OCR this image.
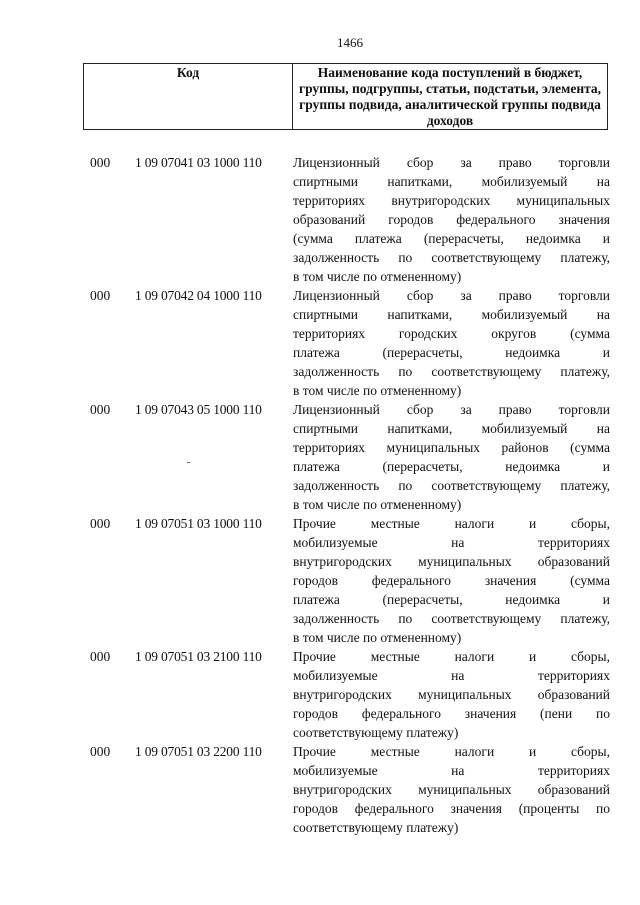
1466
Код	Наименование кода поступлений в бюджет, группы, подгруппы, статьи, подстатьи, элемента, группы подвида, аналитической группы подвида доходов
000	1 09 07041 03 1000 110	Лицензионный сбор за право торговли
спиртными напитками, мобилизуемый на
территориях внутригородских муниципальных
образований городов федерального значения
(сумма платежа (перерасчеты, недоимка и
задолженность по соответствующему платежу,
в том числе по отмененному)
000	1 09 07042 04 1000 110	Лицензионный сбор за право торговли
спиртными напитками, мобилизуемый на
территориях городских округов (сумма
платежа (перерасчеты, недоимка и
задолженность по соответствующему платежу,
в том числе по отмененному)
000	1 09 07043 05 1000 110	Лицензионный сбор за право торговли
спиртными напитками, мобилизуемый на
территориях муниципальных районов (сумма
платежа (перерасчеты, недоимка и
задолженность по соответствующему платежу,
в том числе по отмененному)
000	1 09 07051 03 1000 110	Прочие местные налоги и сборы,
мобилизуемые на территориях
внутригородских муниципальных образований
городов федерального значения (сумма
платежа (перерасчеты, недоимка и
задолженность по соответствующему платежу,
в том числе по отмененному)
000	1 09 07051 03 2100 110	Прочие местные налоги и сборы,
мобилизуемые на территориях
внутригородских муниципальных образований
городов федерального значения (пени по
соответствующему платежу)
000	1 09 07051 03 2200 110	Прочие местные налоги и сборы,
мобилизуемые на территориях
внутригородских муниципальных образований
городов федерального значения (проценты по
соответствующему платежу)
